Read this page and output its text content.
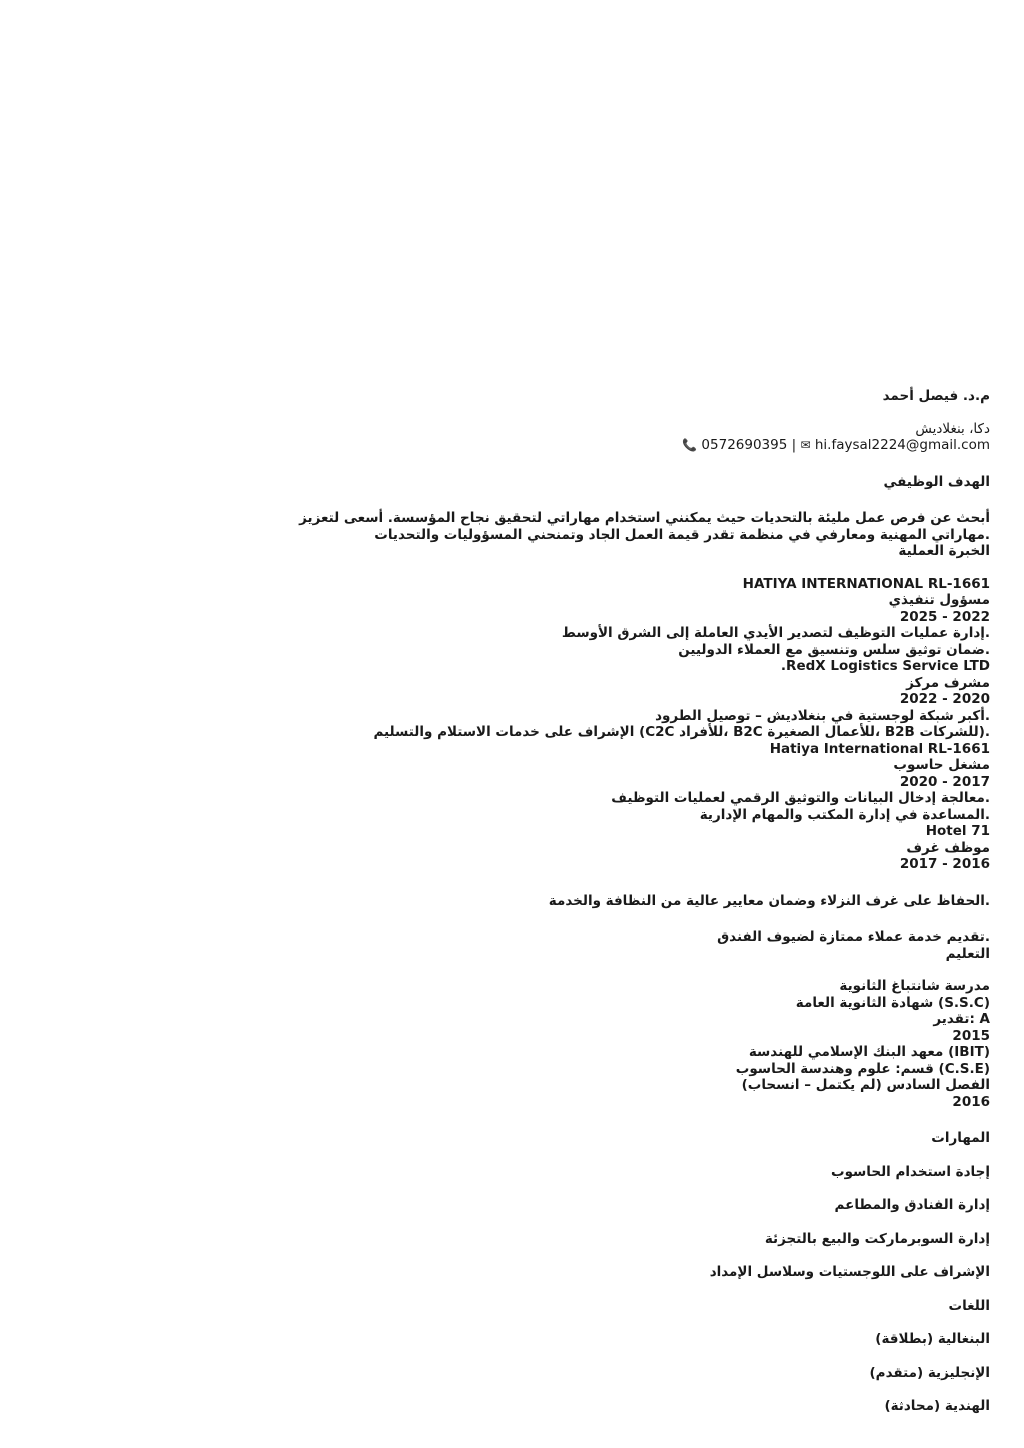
م.د. فيصل أحمد
دكا، بنغلاديش
📞 0572690395 | ✉ hi.faysal2224@gmail.com
الهدف الوظيفي
أبحث عن فرص عمل مليئة بالتحديات حيث يمكنني استخدام مهاراتي لتحقيق نجاح المؤسسة. أسعى لتعزيز
.مهاراتي المهنية ومعارفي في منظمة تقدر قيمة العمل الجاد وتمنحني المسؤوليات والتحديات
الخبرة العملية
HATIYA INTERNATIONAL RL-1661
مسؤول تنفيذي
2022 - 2025
.إدارة عمليات التوظيف لتصدير الأيدي العاملة إلى الشرق الأوسط
.ضمان توثيق سلس وتنسيق مع العملاء الدوليين
RedX Logistics Service LTD.
مشرف مركز
2020 - 2022
.أكبر شبكة لوجستية في بنغلاديش – توصيل الطرود
.(للشركات B2B ،للأعمال الصغيرة B2C ،للأفراد C2C) الإشراف على خدمات الاستلام والتسليم
Hatiya International RL-1661
مشغل حاسوب
2017 - 2020
.معالجة إدخال البيانات والتوثيق الرقمي لعمليات التوظيف
.المساعدة في إدارة المكتب والمهام الإدارية
Hotel 71
موظف غرف
2016 - 2017
.الحفاظ على غرف النزلاء وضمان معايير عالية من النظافة والخدمة
.تقديم خدمة عملاء ممتازة لضيوف الفندق
التعليم
مدرسة شانتباغ الثانوية
(S.S.C) شهادة الثانوية العامة
A :تقدير
2015
(IBIT) معهد البنك الإسلامي للهندسة
(C.S.E) قسم: علوم وهندسة الحاسوب
الفصل السادس (لم يكتمل – انسحاب)
2016
المهارات
إجادة استخدام الحاسوب
إدارة الفنادق والمطاعم
إدارة السوبرماركت والبيع بالتجزئة
الإشراف على اللوجستيات وسلاسل الإمداد
اللغات
البنغالية (بطلاقة)
الإنجليزية (متقدم)
الهندية (محادثة)
